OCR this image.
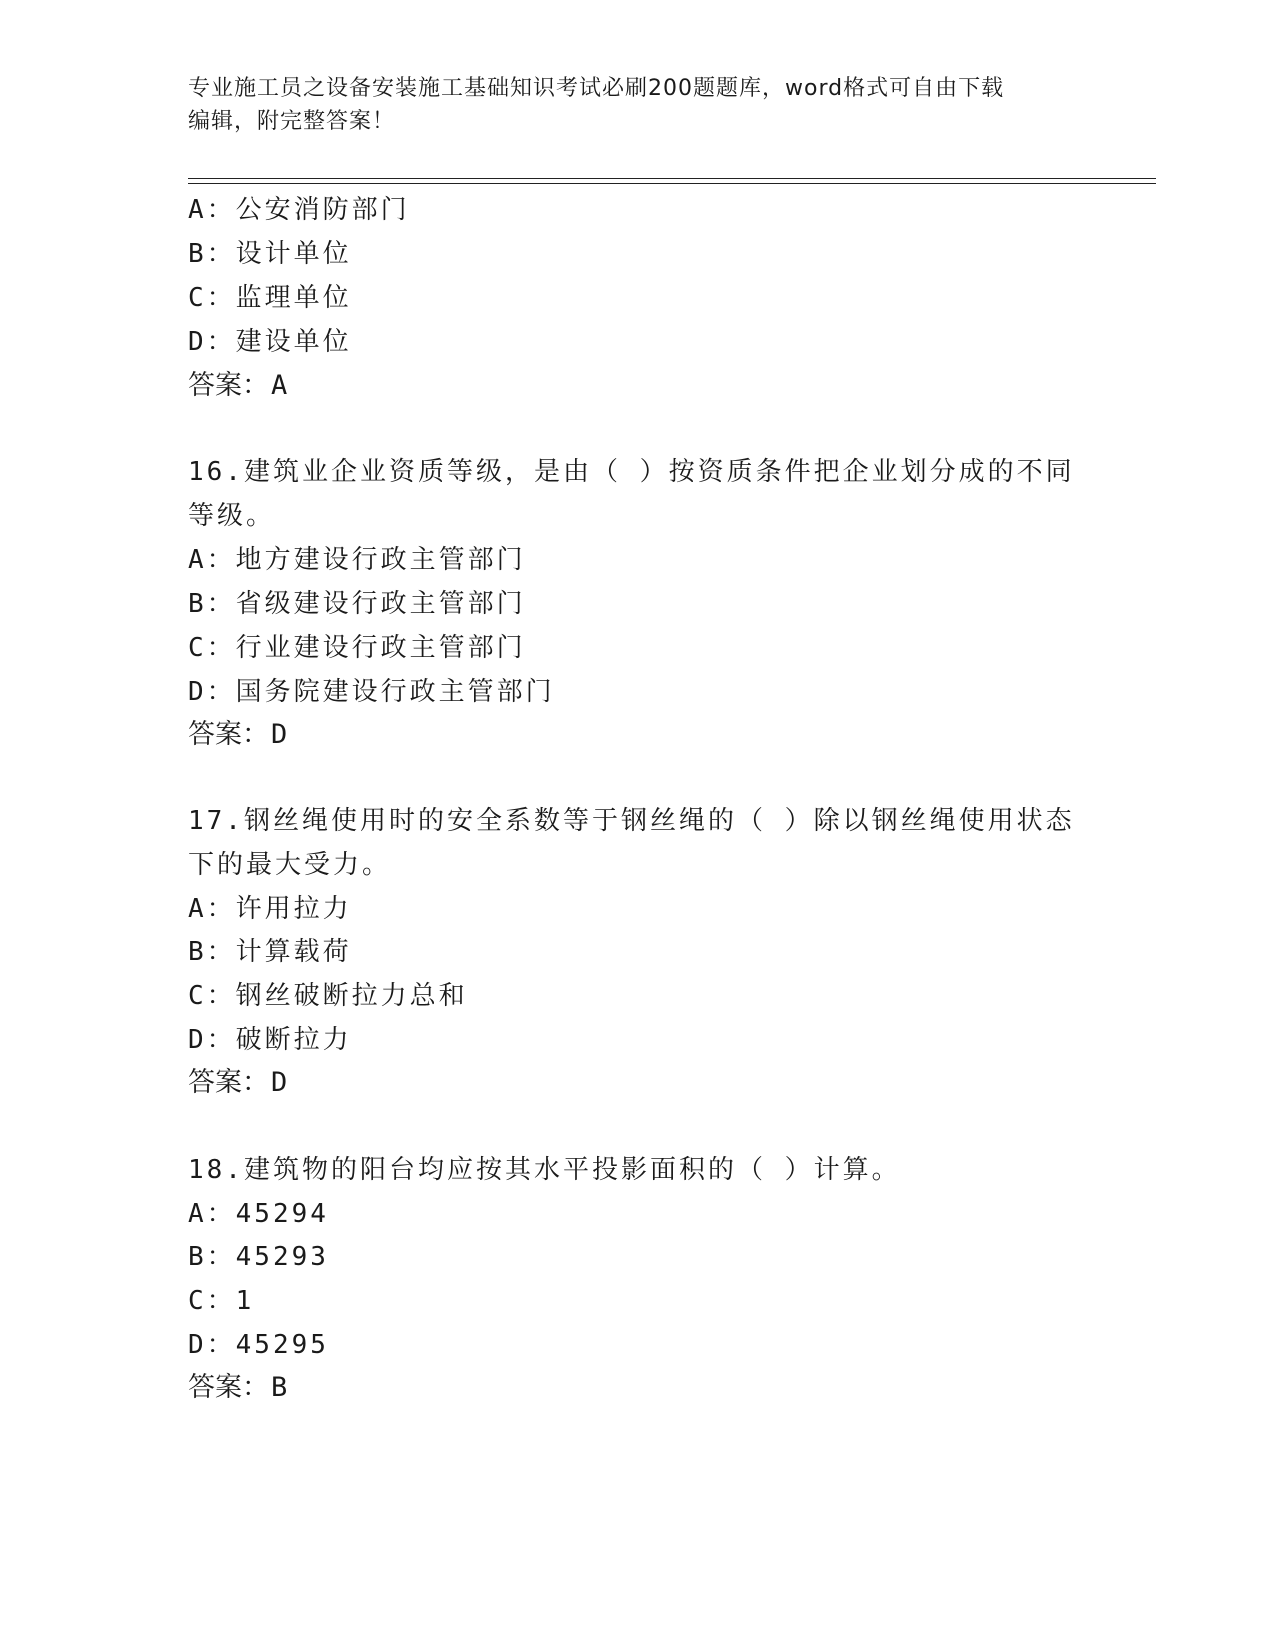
专业施工员之设备安装施工基础知识考试必刷200题题库，word格式可自由下载
编辑，附完整答案！
A：公安消防部门
B：设计单位
C：监理单位
D：建设单位
答案：A
16.建筑业企业资质等级，是由（ ）按资质条件把企业划分成的不同
等级。
A：地方建设行政主管部门
B：省级建设行政主管部门
C：行业建设行政主管部门
D：国务院建设行政主管部门
答案：D
17.钢丝绳使用时的安全系数等于钢丝绳的（ ）除以钢丝绳使用状态
下的最大受力。
A：许用拉力
B：计算载荷
C：钢丝破断拉力总和
D：破断拉力
答案：D
18.建筑物的阳台均应按其水平投影面积的（ ）计算。
A：45294
B：45293
C：1
D：45295
答案：B
